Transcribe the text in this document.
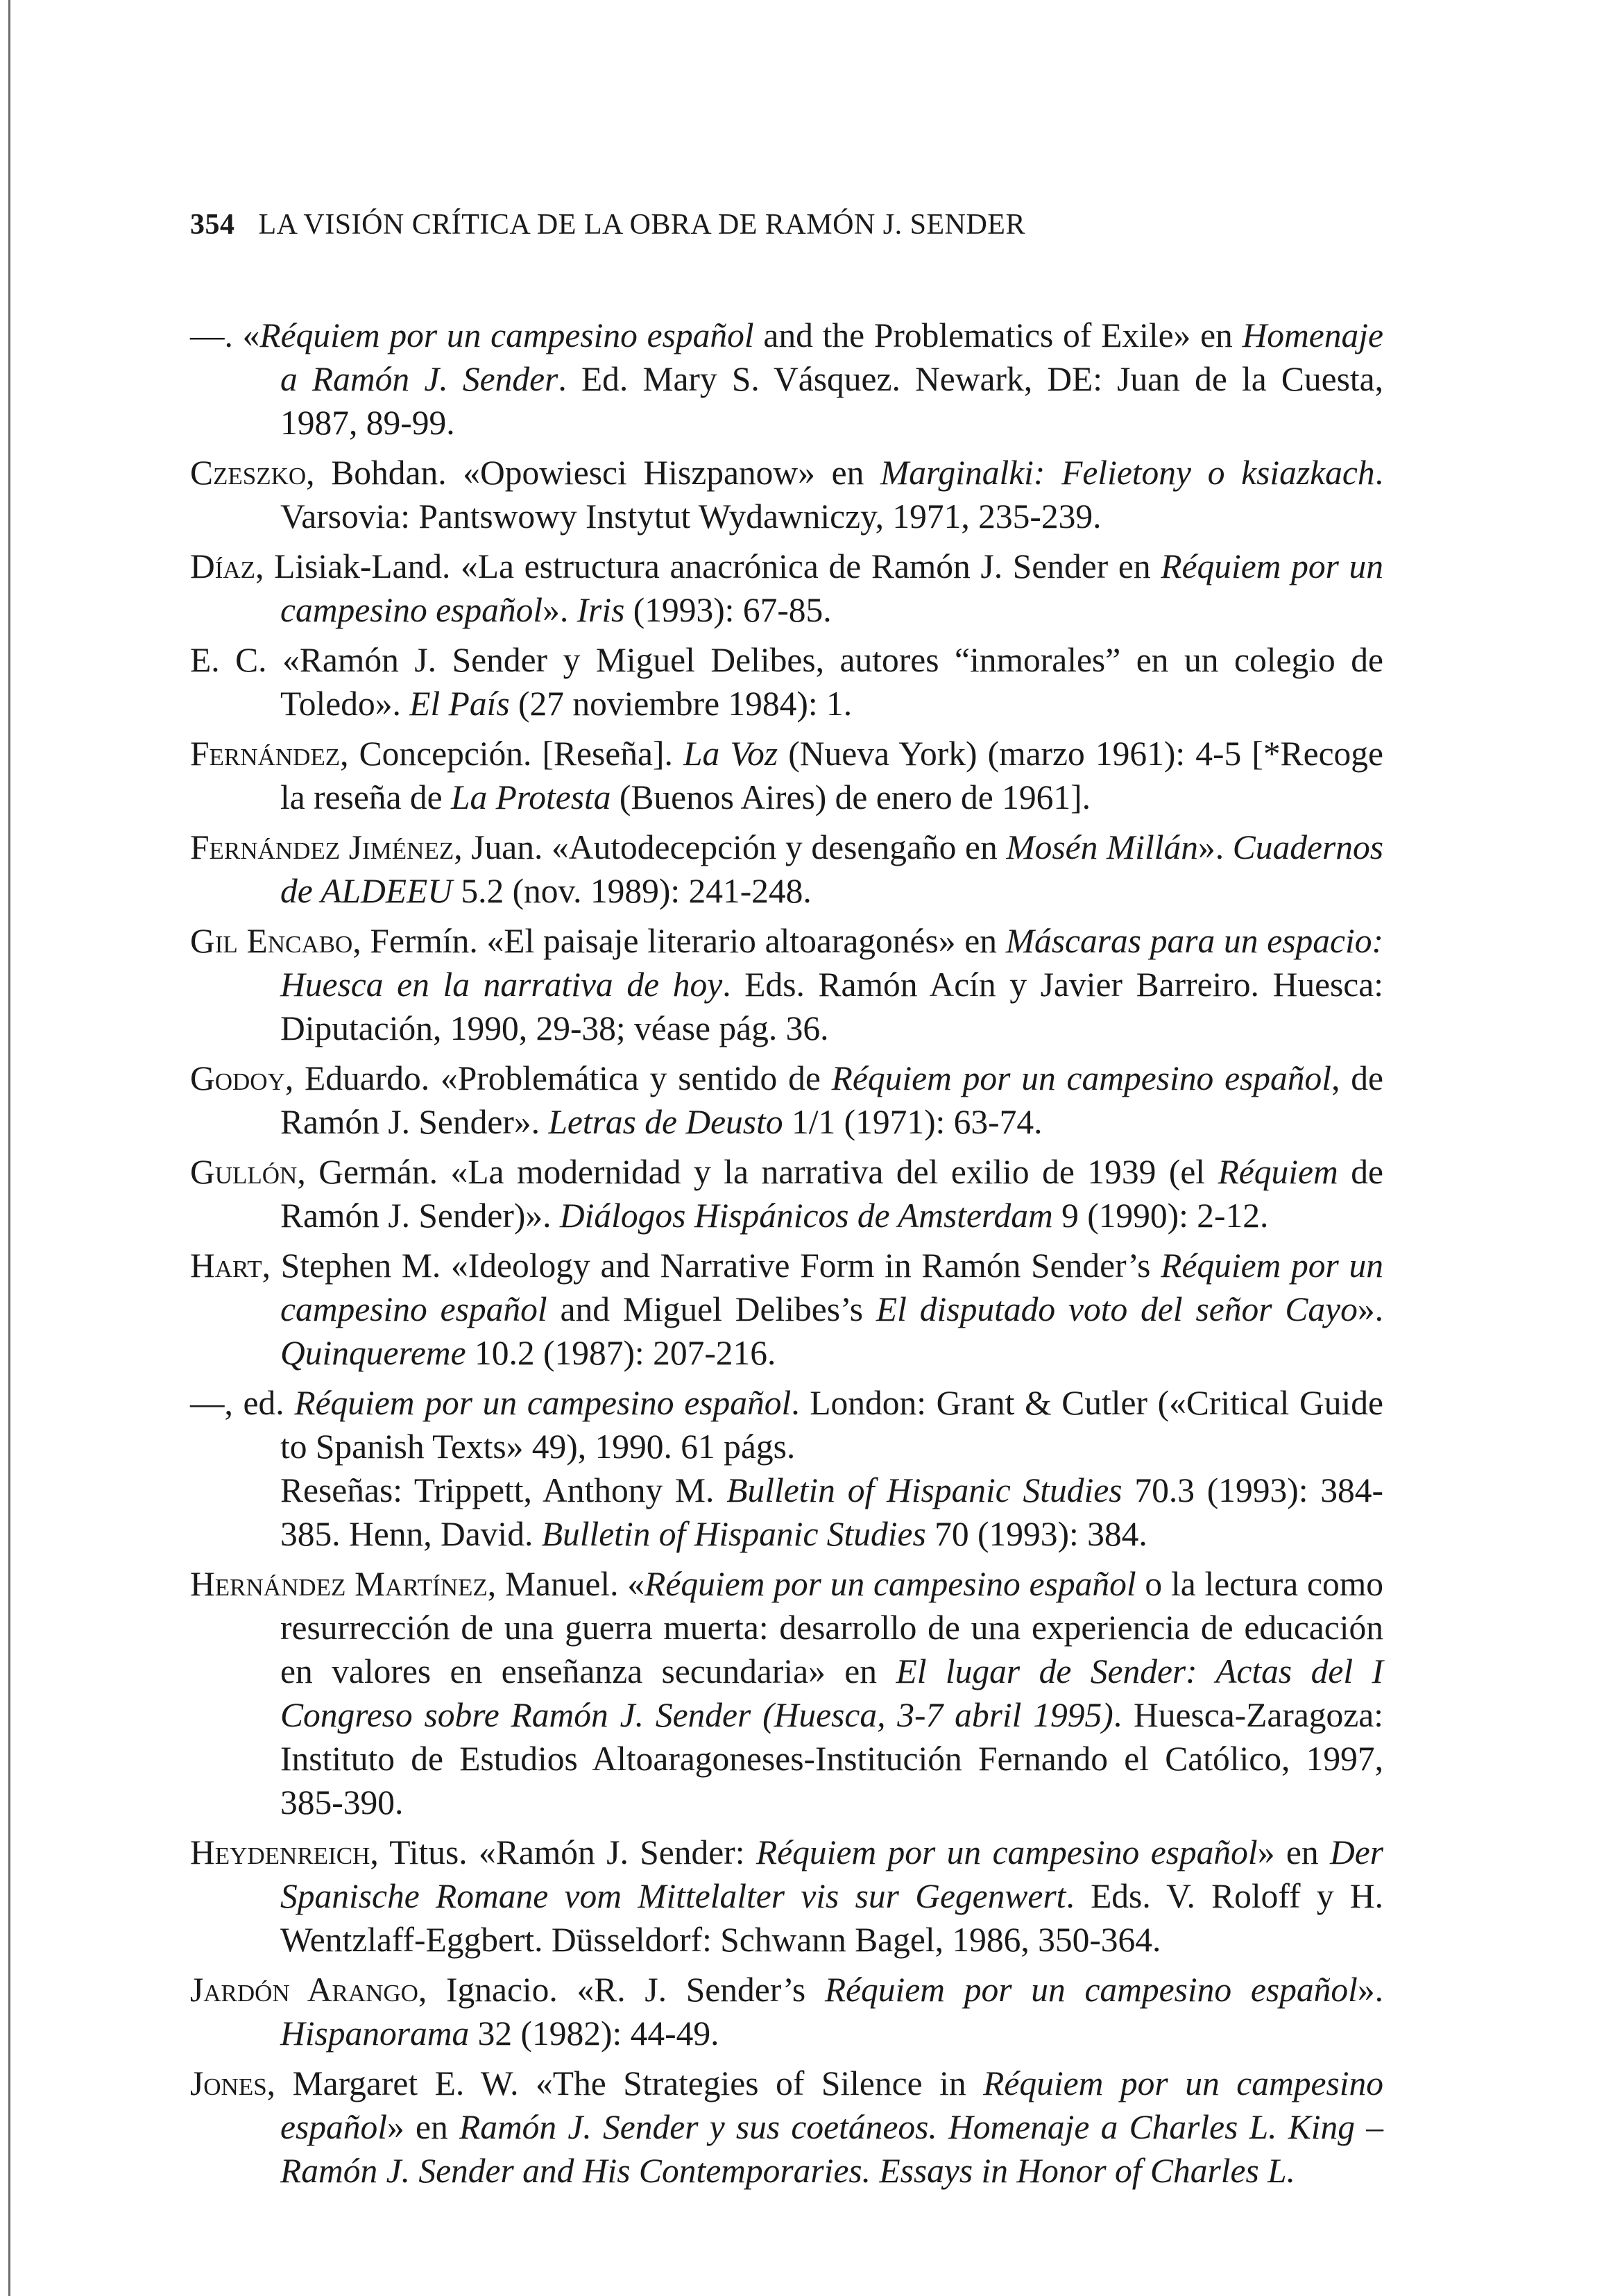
354 LA VISIÓN CRÍTICA DE LA OBRA DE RAMÓN J. SENDER

—. «Réquiem por un campesino español and the Problematics of Exile» en Homenaje a Ramón J. Sender. Ed. Mary S. Vásquez. Newark, DE: Juan de la Cuesta, 1987, 89-99.

Czeszko, Bohdan. «Opowiesci Hiszpanow» en Marginalki: Felietony o ksiazkach. Varsovia: Pantswowy Instytut Wydawniczy, 1971, 235-239.

Díaz, Lisiak-Land. «La estructura anacrónica de Ramón J. Sender en Réquiem por un campesino español». Iris (1993): 67-85.

E. C. «Ramón J. Sender y Miguel Delibes, autores “inmorales” en un colegio de Toledo». El País (27 noviembre 1984): 1.

Fernández, Concepción. [Reseña]. La Voz (Nueva York) (marzo 1961): 4-5 [*Recoge la reseña de La Protesta (Buenos Aires) de enero de 1961].

Fernández Jiménez, Juan. «Autodecepción y desengaño en Mosén Millán». Cuadernos de ALDEEU 5.2 (nov. 1989): 241-248.

Gil Encabo, Fermín. «El paisaje literario altoaragonés» en Máscaras para un espacio: Huesca en la narrativa de hoy. Eds. Ramón Acín y Javier Barreiro. Huesca: Diputación, 1990, 29-38; véase pág. 36.

Godoy, Eduardo. «Problemática y sentido de Réquiem por un campesino español, de Ramón J. Sender». Letras de Deusto 1/1 (1971): 63-74.

Gullón, Germán. «La modernidad y la narrativa del exilio de 1939 (el Réquiem de Ramón J. Sender)». Diálogos Hispánicos de Amsterdam 9 (1990): 2-12.

Hart, Stephen M. «Ideology and Narrative Form in Ramón Sender’s Réquiem por un campesino español and Miguel Delibes’s El disputado voto del señor Cayo». Quinquereme 10.2 (1987): 207-216.

—, ed. Réquiem por un campesino español. London: Grant & Cutler («Critical Guide to Spanish Texts» 49), 1990. 61 págs.
Reseñas: Trippett, Anthony M. Bulletin of Hispanic Studies 70.3 (1993): 384-385. Henn, David. Bulletin of Hispanic Studies 70 (1993): 384.

Hernández Martínez, Manuel. «Réquiem por un campesino español o la lectura como resurrección de una guerra muerta: desarrollo de una experiencia de educación en valores en enseñanza secundaria» en El lugar de Sender: Actas del I Congreso sobre Ramón J. Sender (Huesca, 3-7 abril 1995). Huesca-Zaragoza: Instituto de Estudios Altoaragoneses-Institución Fernando el Católico, 1997, 385-390.

Heydenreich, Titus. «Ramón J. Sender: Réquiem por un campesino español» en Der Spanische Romane vom Mittelalter vis sur Gegenwert. Eds. V. Roloff y H. Wentzlaff-Eggbert. Düsseldorf: Schwann Bagel, 1986, 350-364.

Jardón Arango, Ignacio. «R. J. Sender’s Réquiem por un campesino español». Hispanorama 32 (1982): 44-49.

Jones, Margaret E. W. «The Strategies of Silence in Réquiem por un campesino español» en Ramón J. Sender y sus coetáneos. Homenaje a Charles L. King – Ramón J. Sender and His Contemporaries. Essays in Honor of Charles L.
